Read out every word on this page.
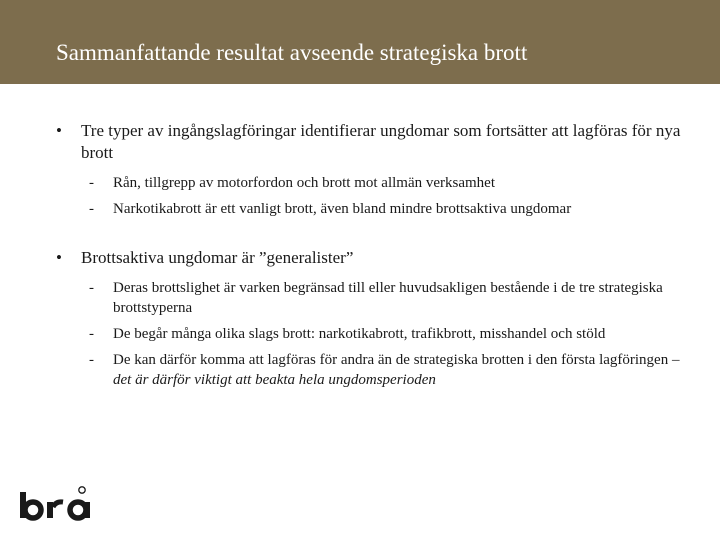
Sammanfattande resultat avseende strategiska brott
• Tre typer av ingångslagföringar identifierar ungdomar som fortsätter att lagföras för nya brott
- Rån, tillgrepp av motorfordon och brott mot allmän verksamhet
- Narkotikabrott är ett vanligt brott, även bland mindre brottsaktiva ungdomar
• Brottsaktiva ungdomar är ”generalister”
- Deras brottslighet är varken begränsad till eller huvudsakligen bestående i de tre strategiska brottstyperna
- De begår många olika slags brott: narkotikabrott, trafikbrott, misshandel och stöld
- De kan därför komma att lagföras för andra än de strategiska brotten i den första lagföringen – det är därför viktigt att beakta hela ungdomsperioden
